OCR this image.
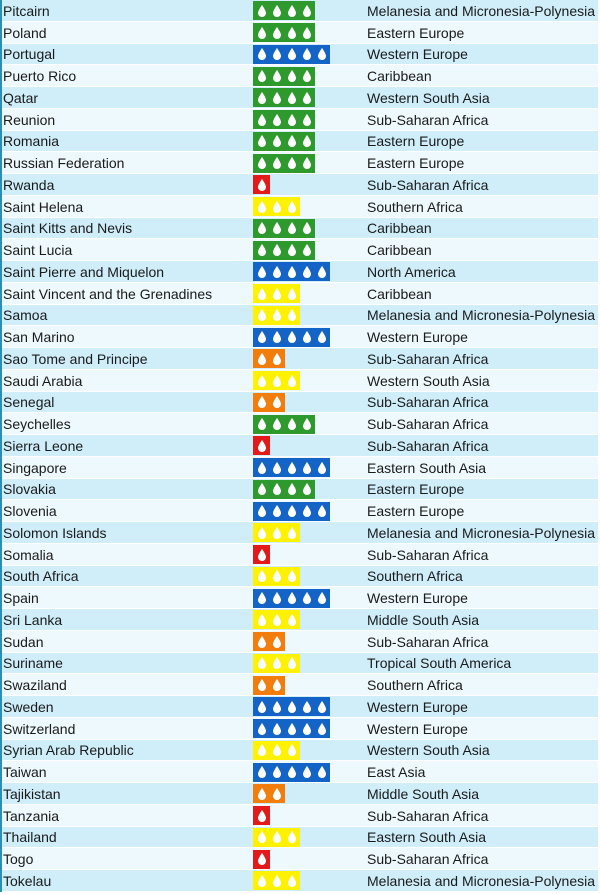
Pitcairn	Melanesia and Micronesia-Polynesia
Poland	Eastern Europe
Portugal	Western Europe
Puerto Rico	Caribbean
Qatar	Western South Asia
Reunion	Sub-Saharan Africa
Romania	Eastern Europe
Russian Federation	Eastern Europe
Rwanda	Sub-Saharan Africa
Saint Helena	Southern Africa
Saint Kitts and Nevis	Caribbean
Saint Lucia	Caribbean
Saint Pierre and Miquelon	North America
Saint Vincent and the Grenadines	Caribbean
Samoa	Melanesia and Micronesia-Polynesia
San Marino	Western Europe
Sao Tome and Principe	Sub-Saharan Africa
Saudi Arabia	Western South Asia
Senegal	Sub-Saharan Africa
Seychelles	Sub-Saharan Africa
Sierra Leone	Sub-Saharan Africa
Singapore	Eastern South Asia
Slovakia	Eastern Europe
Slovenia	Eastern Europe
Solomon Islands	Melanesia and Micronesia-Polynesia
Somalia	Sub-Saharan Africa
South Africa	Southern Africa
Spain	Western Europe
Sri Lanka	Middle South Asia
Sudan	Sub-Saharan Africa
Suriname	Tropical South America
Swaziland	Southern Africa
Sweden	Western Europe
Switzerland	Western Europe
Syrian Arab Republic	Western South Asia
Taiwan	East Asia
Tajikistan	Middle South Asia
Tanzania	Sub-Saharan Africa
Thailand	Eastern South Asia
Togo	Sub-Saharan Africa
Tokelau	Melanesia and Micronesia-Polynesia
